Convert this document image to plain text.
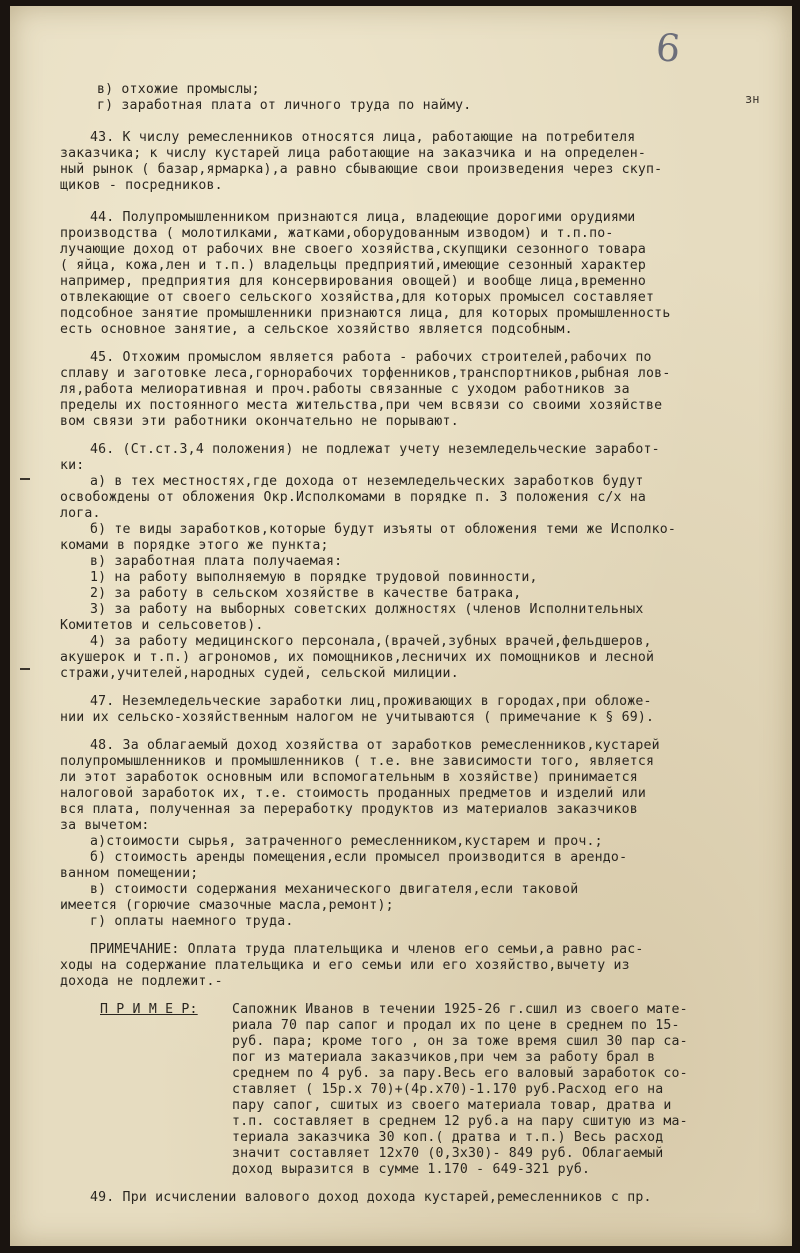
6
зн
в) отхожие промыслы;
г) заработная плата от личного труда по найму.
43. К числу ремесленников относятся лица, работающие на потребителя
заказчика; к числу кустарей лица работающие на заказчика и на определен-
ный рынок ( базар,ярмарка),а равно сбывающие свои произведения через скуп-
щиков - посредников.
44. Полупромышленником признаются лица, владеющие дорогими орудиями
производства ( молотилками, жатками,оборудованным изводом) и т.п.по-
лучающие доход от рабочих вне своего хозяйства,скупщики сезонного товара
( яйца, кожа,лен и т.п.) владельцы предприятий,имеющие сезонный характер
например, предприятия для консервирования овощей) и вообще лица,временно
отвлекающие от своего сельского хозяйства,для которых промысел составляет
подсобное занятие промышленники признаются лица, для которых промышленность
есть основное занятие, а сельское хозяйство является подсобным.
45. Отхожим промыслом является работа - рабочих строителей,рабочих по
сплаву и заготовке леса,горнорабочих торфенников,транспортников,рыбная лов-
ля,работа мелиоративная и проч.работы связанные с уходом работников за
пределы их постоянного места жительства,при чем всвязи со своими хозяйстве
вом связи эти работники окончательно не порывают.
46. (Ст.ст.3,4 положения) не подлежат учету неземледельческие заработ-
ки:
а) в тех местностях,где дохода от неземледельческих заработков будут
освобождены от обложения Окр.Исполкомами в порядке п. 3 положения с/х на
лога.
б) те виды заработков,которые будут изъяты от обложения теми же Исполко-
комами в порядке этого же пункта;
в) заработная плата получаемая:
1) на работу выполняемую в порядке трудовой повинности,
2) за работу в сельском хозяйстве в качестве батрака,
3) за работу на выборных советских должностях (членов Исполнительных
Комитетов и сельсоветов).
4) за работу медицинского персонала,(врачей,зубных врачей,фельдшеров,
акушерок и т.п.) агрономов, их помощников,лесничих их помощников и лесной
стражи,учителей,народных судей, сельской милиции.
47. Неземледельческие заработки лиц,проживающих в городах,при обложе-
нии их сельско-хозяйственным налогом не учитываются ( примечание к § 69).
48. За облагаемый доход хозяйства от заработков ремесленников,кустарей
полупромышленников и промышленников ( т.е. вне зависимости того, является
ли этот заработок основным или вспомогательным в хозяйстве) принимается
налоговой заработок их, т.е. стоимость проданных предметов и изделий или
вся плата, полученная за переработку продуктов из материалов заказчиков
за вычетом:
а)стоимости сырья, затраченного ремесленником,кустарем и проч.;
б) стоимость аренды помещения,если промысел производится в арендо-
ванном помещении;
в) стоимости содержания механического двигателя,если таковой
имеется (горючие смазочные масла,ремонт);
г) оплаты наемного труда.
ПРИМЕЧАНИЕ: Оплата труда плательщика и членов его семьи,а равно рас-
ходы на содержание плательщика и его семьи или его хозяйство,вычету из
дохода не подлежит.-
П Р И М Е Р:	Сапожник Иванов в течении 1925-26 г.сшил из своего мате-
риала 70 пар сапог и продал их по цене в среднем по 15-
руб. пара; кроме того , он за тоже время сшил 30 пар са-
пог из материала заказчиков,при чем за работу брал в
среднем по 4 руб. за пару.Весь его валовый заработок со-
ставляет ( 15р.х 70)+(4р.х70)-1.170 руб.Расход его на
пару сапог, сшитых из своего материала товар, дратва и
т.п. составляет в среднем 12 руб.а на пару сшитую из ма-
териала заказчика 30 коп.( дратва и т.п.) Весь расход
значит составляет 12х70 (0,3х30)- 849 руб. Облагаемый
доход выразится в сумме 1.170 - 649-321 руб.
49. При исчислении валового доход дохода кустарей,ремесленников с пр.
